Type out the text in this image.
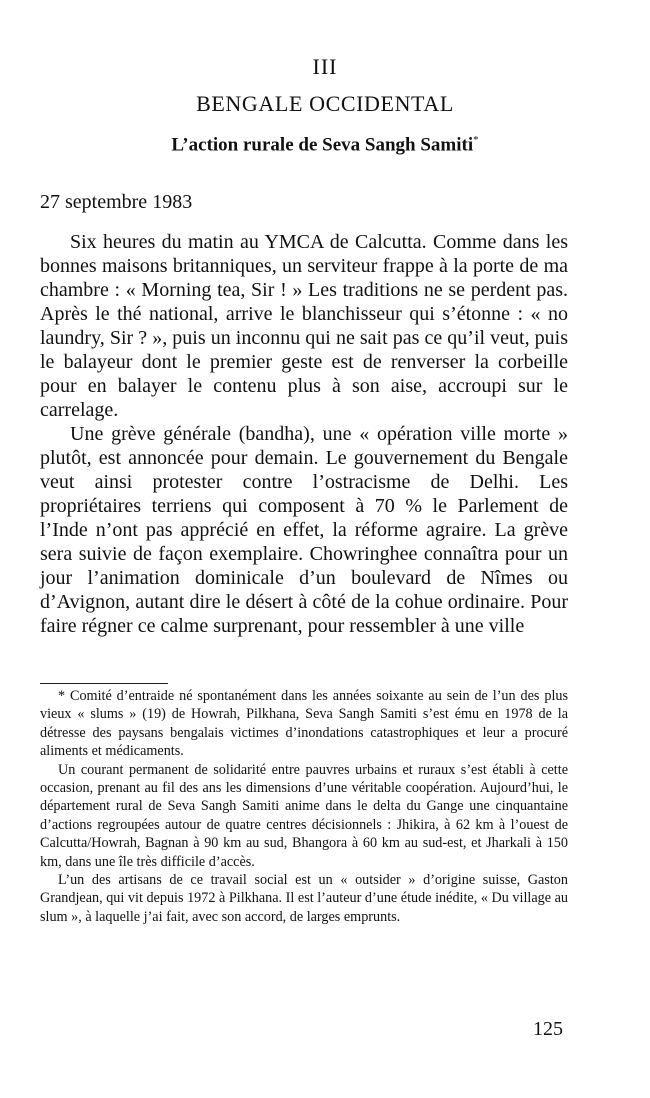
III
BENGALE OCCIDENTAL
L’action rurale de Seva Sangh Samiti*
27 septembre 1983

Six heures du matin au YMCA de Calcutta. Comme dans les bonnes maisons britanniques, un serviteur frappe à la porte de ma chambre : « Morning tea, Sir ! » Les traditions ne se perdent pas. Après le thé national, arrive le blanchisseur qui s’étonne : « no laundry, Sir ? », puis un inconnu qui ne sait pas ce qu’il veut, puis le balayeur dont le premier geste est de renverser la corbeille pour en balayer le contenu plus à son aise, accroupi sur le carrelage.

Une grève générale (bandha), une « opération ville morte » plutôt, est annoncée pour demain. Le gouvernement du Bengale veut ainsi protester contre l’ostracisme de Delhi. Les propriétaires terriens qui composent à 70 % le Parlement de l’Inde n’ont pas apprécié en effet, la réforme agraire. La grève sera suivie de façon exemplaire. Chowringhee connaîtra pour un jour l’animation dominicale d’un boulevard de Nîmes ou d’Avignon, autant dire le désert à côté de la cohue ordinaire. Pour faire régner ce calme surprenant, pour ressembler à une ville

* Comité d’entraide né spontanément dans les années soixante au sein de l’un des plus vieux « slums » (19) de Howrah, Pilkhana, Seva Sangh Samiti s’est ému en 1978 de la détresse des paysans bengalais victimes d’inondations catastrophiques et leur a procuré aliments et médicaments.

Un courant permanent de solidarité entre pauvres urbains et ruraux s’est établi à cette occasion, prenant au fil des ans les dimensions d’une véritable coopération. Aujourd’hui, le département rural de Seva Sangh Samiti anime dans le delta du Gange une cinquantaine d’actions regroupées autour de quatre centres décisionnels : Jhikira, à 62 km à l’ouest de Calcutta/Howrah, Bagnan à 90 km au sud, Bhangora à 60 km au sud-est, et Jharkali à 150 km, dans une île très difficile d’accès.

L’un des artisans de ce travail social est un « outsider » d’origine suisse, Gaston Grandjean, qui vit depuis 1972 à Pilkhana. Il est l’auteur d’une étude inédite, « Du village au slum », à laquelle j’ai fait, avec son accord, de larges emprunts.

125
